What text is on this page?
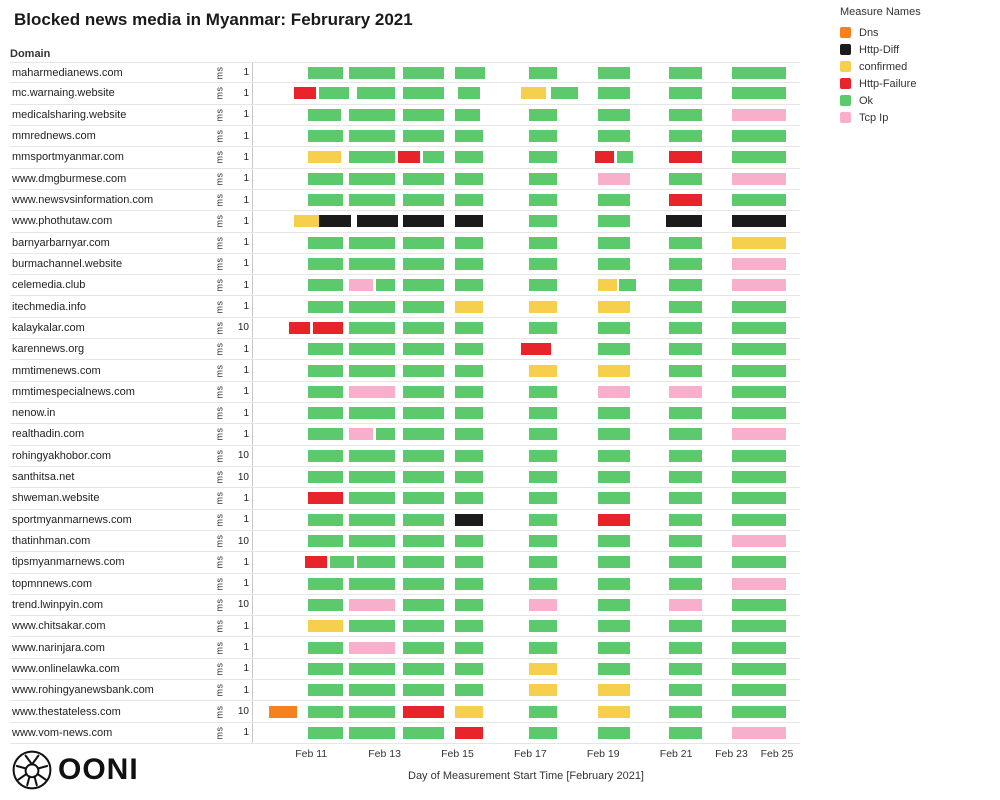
Blocked news media in Myanmar: Februrary 2021	Measure Names
Dns
Http-Diff
confirmed
Http-Failure
Ok
Tcp Ip
Domain
maharmedianews.com	ms	1
mc.warnaing.website	ms	1
medicalsharing.website	ms	1
mmrednews.com	ms	1
mmsportmyanmar.com	ms	1
www.dmgburmese.com	ms	1
www.newsvsinformation.com	ms	1
www.phothutaw.com	ms	1
barnyarbarnyar.com	ms	1
burmachannel.website	ms	1
celemedia.club	ms	1
itechmedia.info	ms	1
kalaykalar.com	ms	10
karennews.org	ms	1
mmtimenews.com	ms	1
mmtimespecialnews.com	ms	1
nenow.in	ms	1
realthadin.com	ms	1
rohingyakhobor.com	ms	10
santhitsa.net	ms	10
shweman.website	ms	1
sportmyanmarnews.com	ms	1
thatinhman.com	ms	10
tipsmyanmarnews.com	ms	1
topmnnews.com	ms	1
trend.lwinpyin.com	ms	10
www.chitsakar.com	ms	1
www.narinjara.com	ms	1
www.onlinelawka.com	ms	1
www.rohingyanewsbank.com	ms	1
www.thestateless.com	ms	10
www.vom-news.com	ms	1
Feb 11	Feb 13	Feb 15	Feb 17	Feb 19	Feb 21 Feb 23 Feb 25
Day of Measurement Start Time [February 2021]
OONI
